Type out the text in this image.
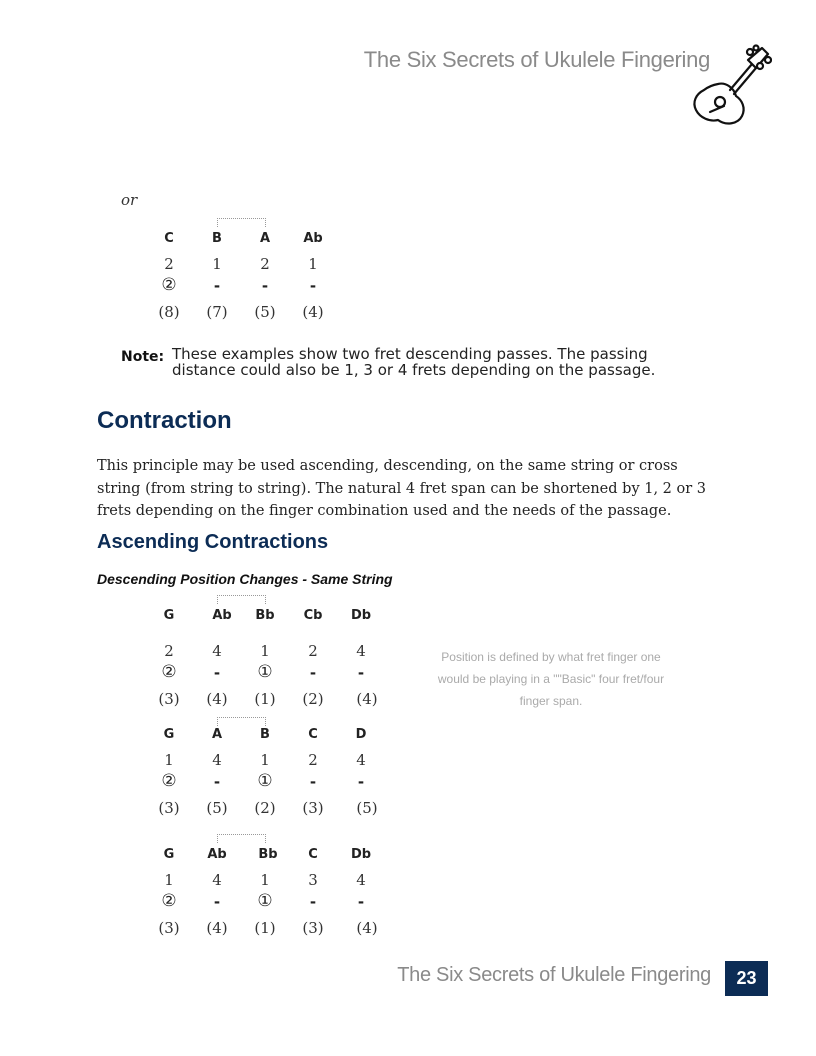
The Six Secrets of Ukulele Fingering
or
C	B	A	Ab
2	1	2	1
②	-	-	-
(8)	(7)	(5)	(4)
Note: These examples show two fret descending passes. The passing distance could also be 1, 3 or 4 frets depending on the passage.
Contraction
This principle may be used ascending, descending, on the same string or cross string (from string to string). The natural 4 fret span can be shortened by 1, 2 or 3 frets depending on the finger combination used and the needs of the passage.
Ascending Contractions
Descending Position Changes - Same String
G	Ab	Bb	Cb	Db
2	4	1	2	4
②	-	①	-	-
(3)	(4)	(1)	(2)	(4)
Position is defined by what fret finger one would be playing in a ""Basic" four fret/four finger span.
G	A	B	C	D
1	4	1	2	4
②	-	①	-	-
(3)	(5)	(2)	(3)	(5)
G	Ab	Bb	C	Db
1	4	1	3	4
②	-	①	-	-
(3)	(4)	(1)	(3)	(4)
The Six Secrets of Ukulele Fingering	23
